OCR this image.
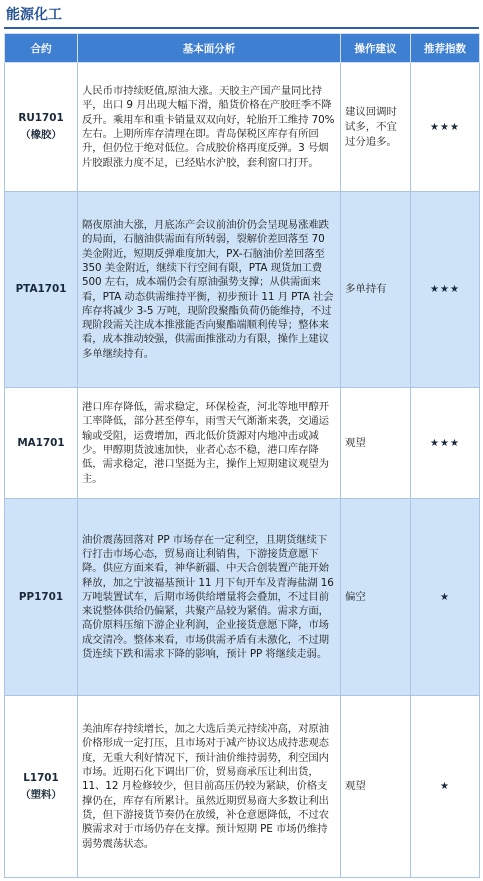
能源化工
合约	基本面分析	操作建议	推荐指数

RU1701
（橡胶）	人民币市持续贬值,原油大涨。天胶主产国产量同比持平，出口 9 月出现大幅下滑，船货价格在产胶旺季不降反升。乘用车和重卡销量双双向好，轮胎开工维持 70%左右。上期所库存清理在即。青岛保税区库存有所回升，但仍位于绝对低位。合成胶价格再度反弹。3 号烟片胶跟涨力度不足，已经贴水沪胶，套利窗口打开。	建议回调时试多，不宜过分追多。	★★★

PTA1701	隔夜原油大涨，月底冻产会议前油价仍会呈现易涨难跌的局面，石脑油供需面有所转弱，裂解价差回落至 70 美金附近，短期反弹难度加大，PX-石脑油价差回落至 350 美金附近，继续下行空间有限，PTA 现货加工费 500 左右，成本端仍会有原油强势支撑；从供需面来看，PTA 动态供需维持平衡，初步预计 11 月 PTA 社会库存将减少 3-5 万吨，现阶段聚酯负荷仍能维持，不过现阶段需关注成本推涨能否向聚酯端顺利传导；整体来看，成本推动较强，供需面推涨动力有限，操作上建议多单继续持有。	多单持有	★★★

MA1701	港口库存降低，需求稳定，环保检查，河北等地甲醇开工率降低，部分甚至停车，雨雪天气渐渐来袭，交通运输或受阻，运费增加，西北低价货源对内地冲击或减少。甲醇期货波速加快，业者心态不稳，港口库存降低，需求稳定，港口坚挺为主，操作上短期建议观望为主。	观望	★★★

PP1701	油价震荡回落对 PP 市场存在一定利空，且期货继续下行打击市场心态，贸易商让利销售，下游接货意愿下降。供应方面来看，神华新疆、中天合创装置产能开始释放，加之宁波福基预计 11 月下旬开车及青海盐湖 16 万吨装置试车，后期市场供给增量将会叠加，不过目前来说整体供给仍偏紧，共聚产品较为紧俏。需求方面，高价原料压缩下游企业利润，企业接货意愿下降，市场成交清冷。整体来看，市场供需矛盾有未激化，不过期货连续下跌和需求下降的影响，预计 PP 将继续走弱。	偏空	★

L1701
（塑料）	美油库存持续增长，加之大选后美元持续冲高，对原油价格形成一定打压，且市场对于减产协议达成持悲观态度，无重大利好情况下，预计油价维持弱势，利空国内市场。近期石化下调出厂价，贸易商承压让利出货，11、12 月检修较少，但目前高压仍较为紧缺，价格支撑仍在，库存有所累计。虽然近期贸易商大多数让利出货，但下游接货节奏仍在放缓，补仓意愿降低，不过农膜需求对于市场仍存在支撑。预计短期 PE 市场仍维持弱势震荡状态。	观望	★
